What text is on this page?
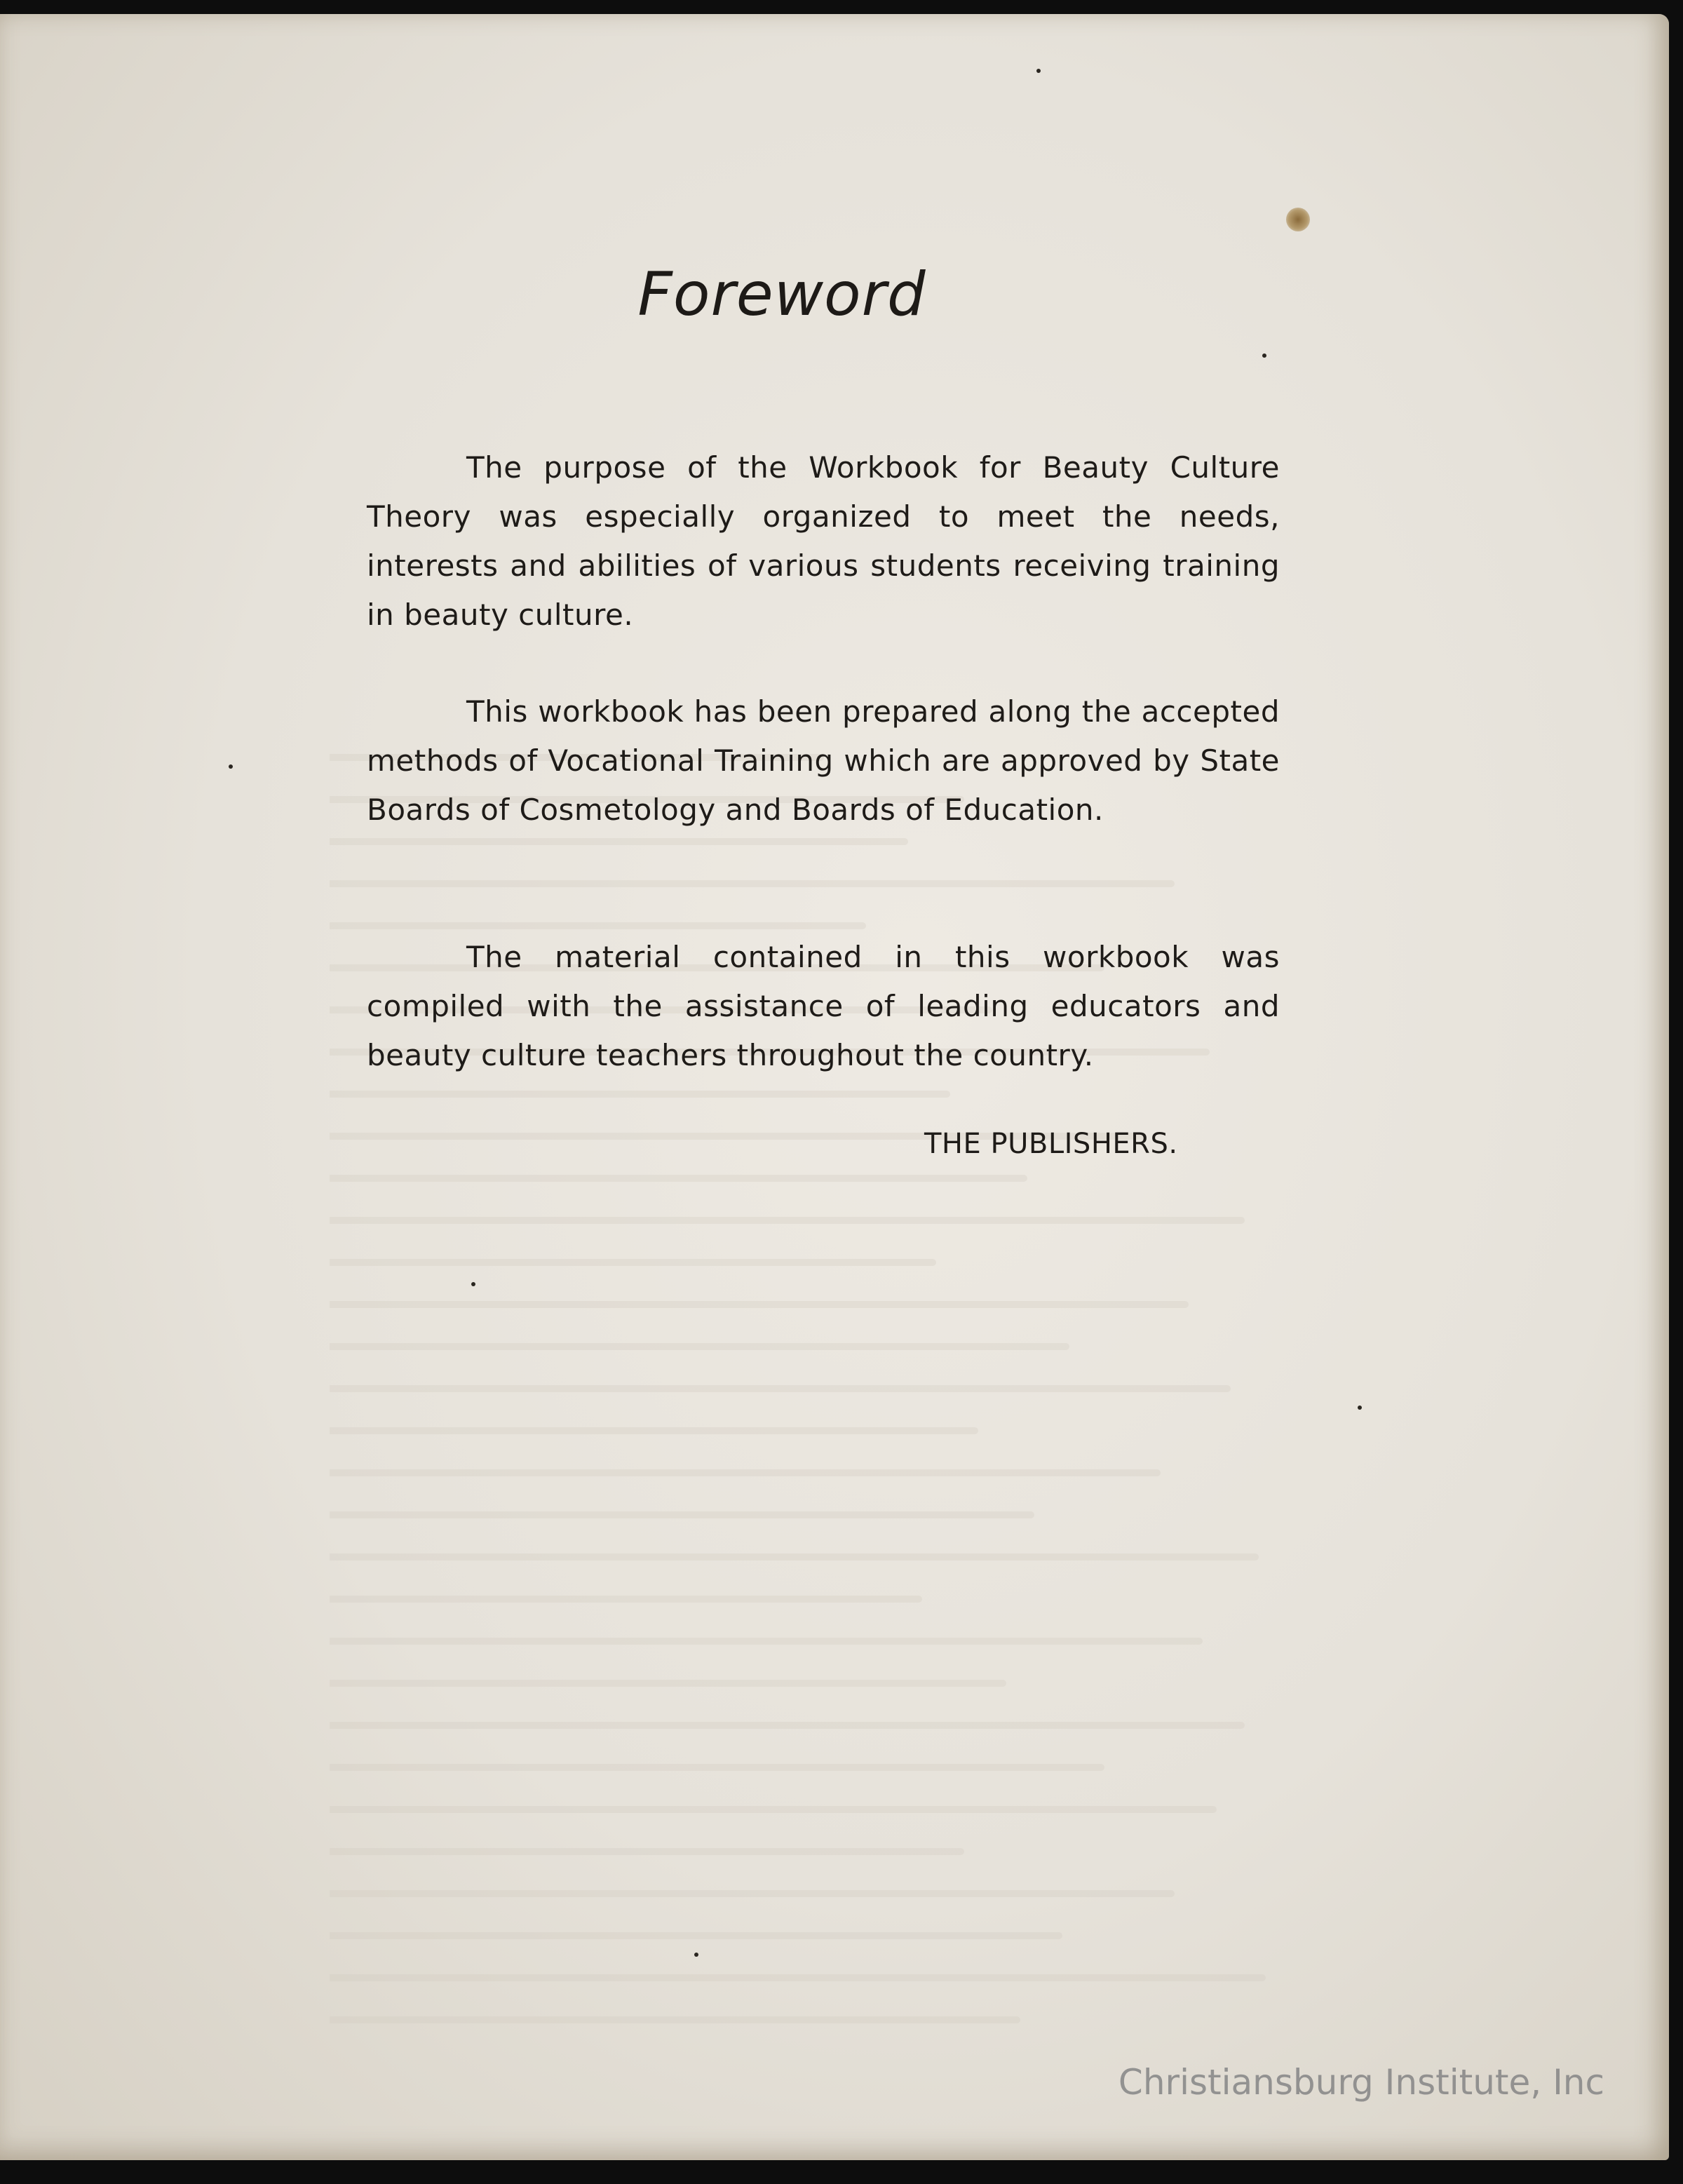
Foreword

The purpose of the Workbook for Beauty Culture Theory was especially organized to meet the needs, interests and abilities of various students receiving training in beauty culture.

This workbook has been prepared along the accepted methods of Vocational Training which are approved by State Boards of Cosmetology and Boards of Education.

The material contained in this workbook was compiled with the assistance of leading educators and beauty culture teachers throughout the country.

THE PUBLISHERS.

Christiansburg Institute, Inc
